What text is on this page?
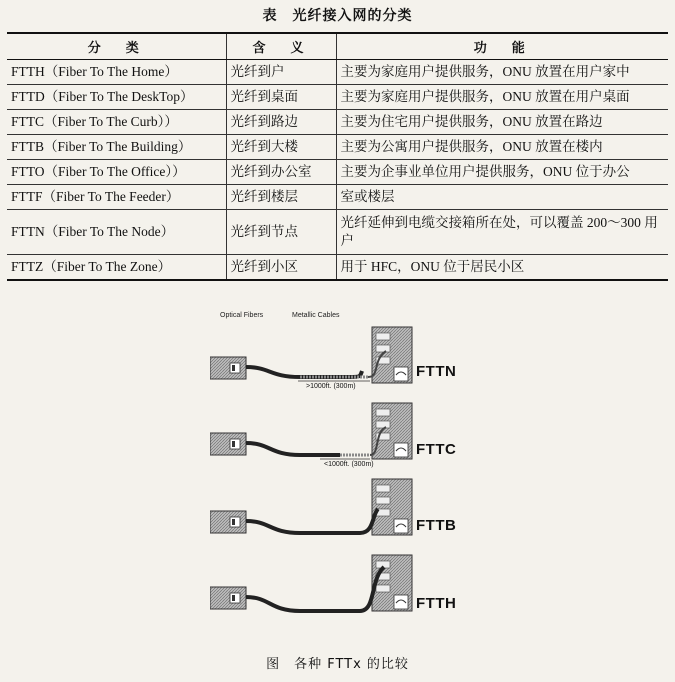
表　光纤接入网的分类
分　类	含　义	功　能
FTTH（Fiber To The Home）	光纤到户	主要为家庭用户提供服务，ONU 放置在用户家中
FTTD（Fiber To The DeskTop）	光纤到桌面	主要为家庭用户提供服务，ONU 放置在用户桌面
FTTC（Fiber To The Curb））	光纤到路边	主要为住宅用户提供服务，ONU 放置在路边
FTTB（Fiber To The Building）	光纤到大楼	主要为公寓用户提供服务，ONU 放置在楼内
FTTO（Fiber To The Office））	光纤到办公室	主要为企事业单位用户提供服务，ONU 位于办公
FTTF（Fiber To The Feeder）	光纤到楼层	室或楼层
FTTN（Fiber To The Node）	光纤到节点	光纤延伸到电缆交接箱所在处，可以覆盖 200～300 用户
FTTZ（Fiber To The Zone）	光纤到小区	用于 HFC，ONU 位于居民小区
Optical Fibers	Metallic Cables
FTTN
>1000ft. (300m)
FTTC
<1000ft. (300m)
FTTB
FTTH
图　各种 FTTx 的比较
